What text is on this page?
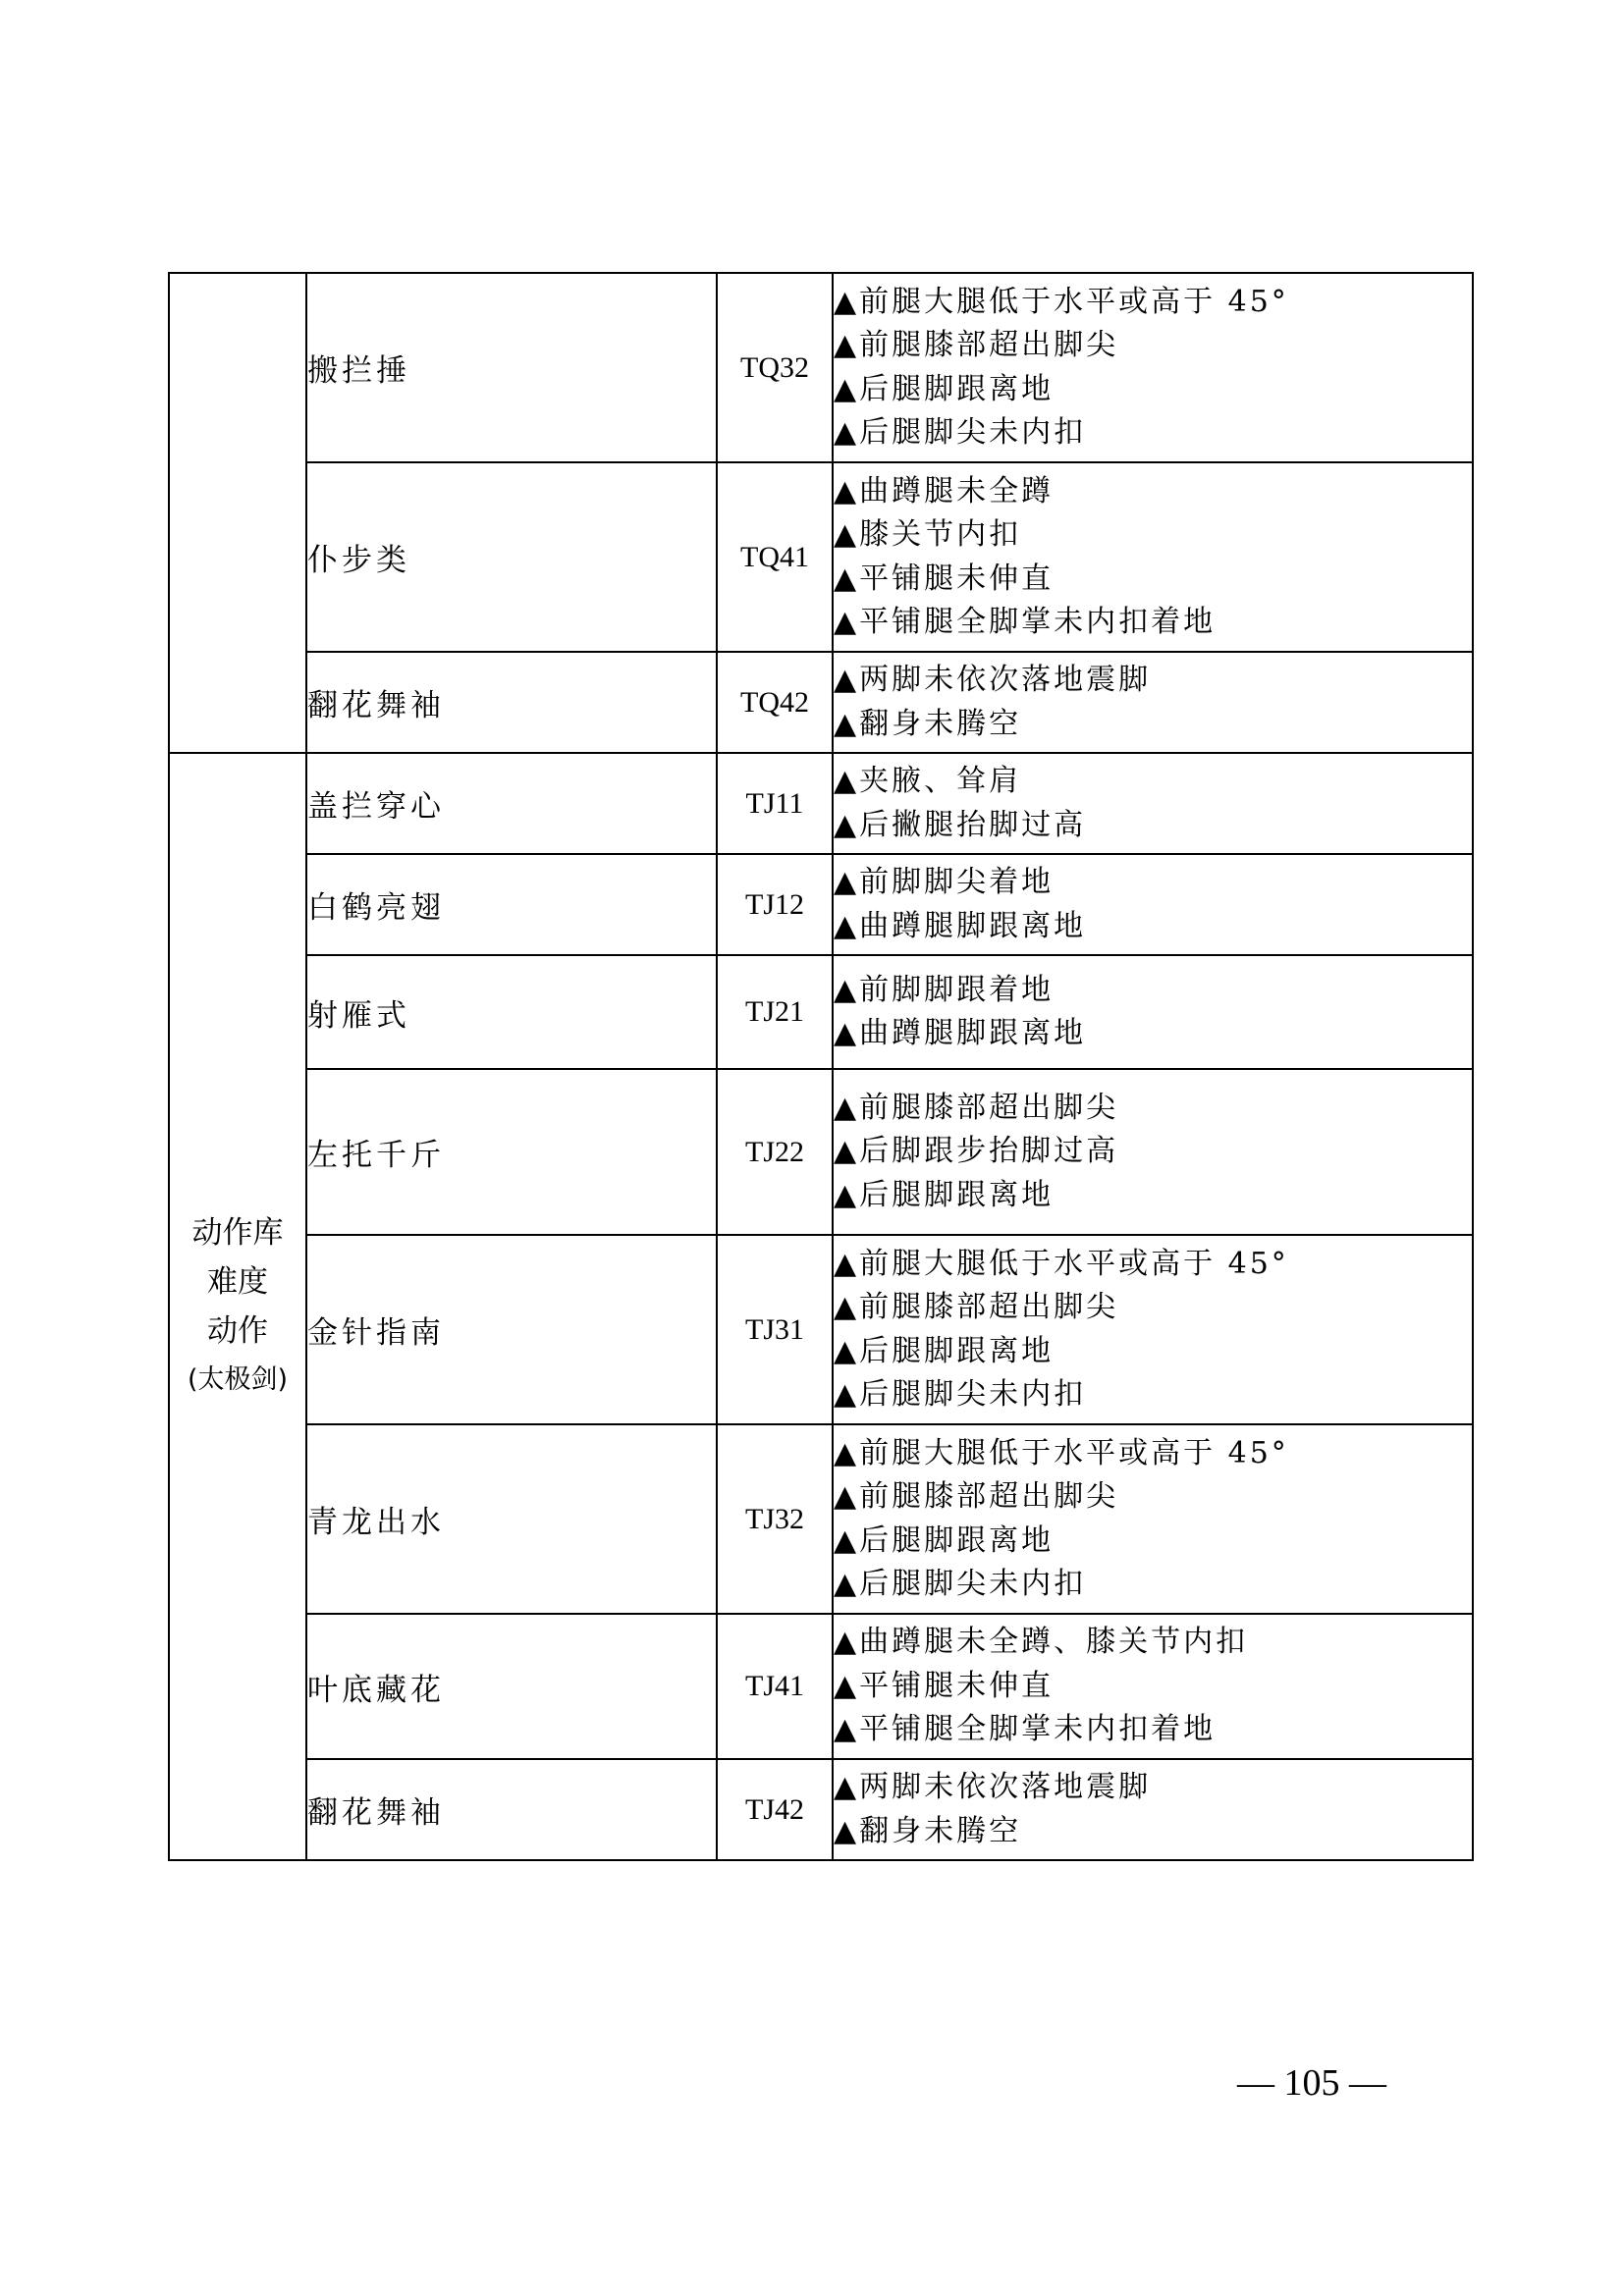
	搬拦捶	TQ32	▲前腿大腿低于水平或高于 45°
▲前腿膝部超出脚尖
▲后腿脚跟离地
▲后腿脚尖未内扣

	仆步类	TQ41	▲曲蹲腿未全蹲
▲膝关节内扣
▲平铺腿未伸直
▲平铺腿全脚掌未内扣着地

	翻花舞袖	TQ42	▲两脚未依次落地震脚
▲翻身未腾空

动作库
难度
动作
(太极剑)	盖拦穿心	TJ11	▲夹腋、耸肩
▲后撇腿抬脚过高

	白鹤亮翅	TJ12	▲前脚脚尖着地
▲曲蹲腿脚跟离地

	射雁式	TJ21	▲前脚脚跟着地
▲曲蹲腿脚跟离地

	左托千斤	TJ22	▲前腿膝部超出脚尖
▲后脚跟步抬脚过高
▲后腿脚跟离地

	金针指南	TJ31	▲前腿大腿低于水平或高于 45°
▲前腿膝部超出脚尖
▲后腿脚跟离地
▲后腿脚尖未内扣

	青龙出水	TJ32	▲前腿大腿低于水平或高于 45°
▲前腿膝部超出脚尖
▲后腿脚跟离地
▲后腿脚尖未内扣

	叶底藏花	TJ41	▲曲蹲腿未全蹲、膝关节内扣
▲平铺腿未伸直
▲平铺腿全脚掌未内扣着地

	翻花舞袖	TJ42	▲两脚未依次落地震脚
▲翻身未腾空
— 105 —
